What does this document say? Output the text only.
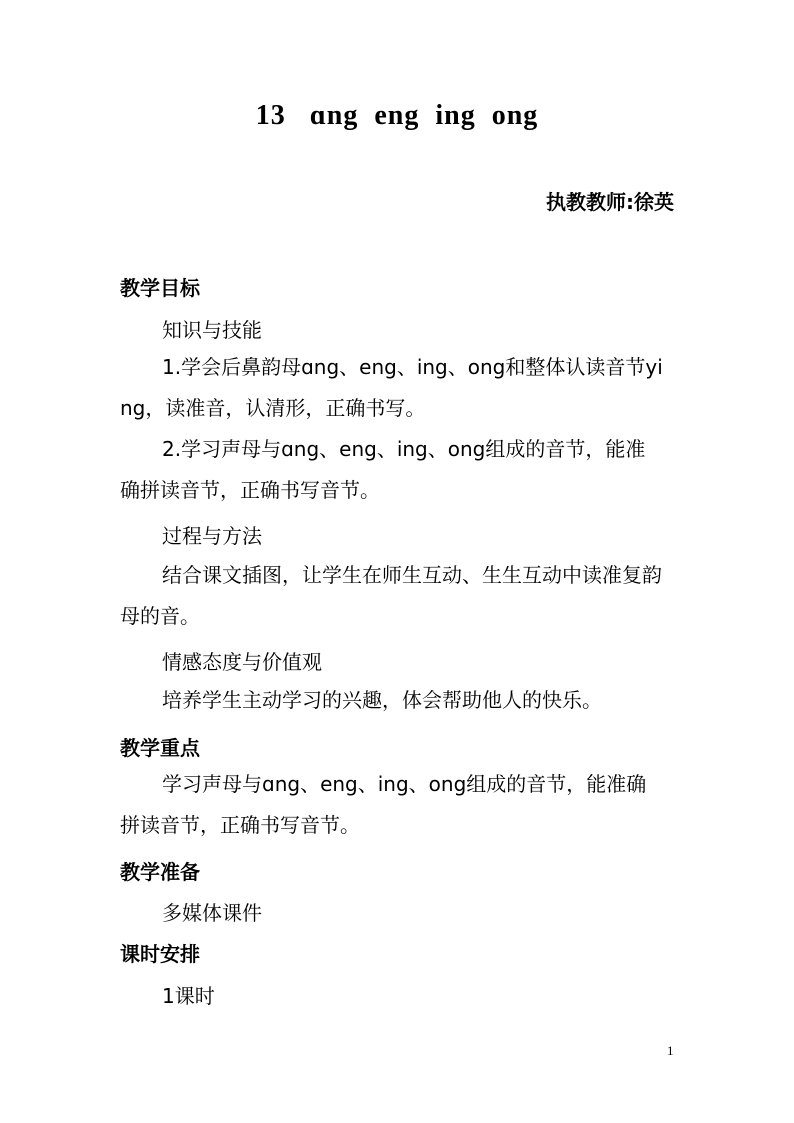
13   ɑng  eng  ing  ong
执教教师:徐英
教学目标
知识与技能
1.学会后鼻韵母ɑng、eng、ing、ong和整体认读音节ying，读准音，认清形，正确书写。
2.学习声母与ɑng、eng、ing、ong组成的音节，能准确拼读音节，正确书写音节。
过程与方法
结合课文插图，让学生在师生互动、生生互动中读准复韵母的音。
情感态度与价值观
培养学生主动学习的兴趣，体会帮助他人的快乐。
教学重点
学习声母与ɑng、eng、ing、ong组成的音节，能准确拼读音节，正确书写音节。
教学准备
多媒体课件
课时安排
1课时
1
